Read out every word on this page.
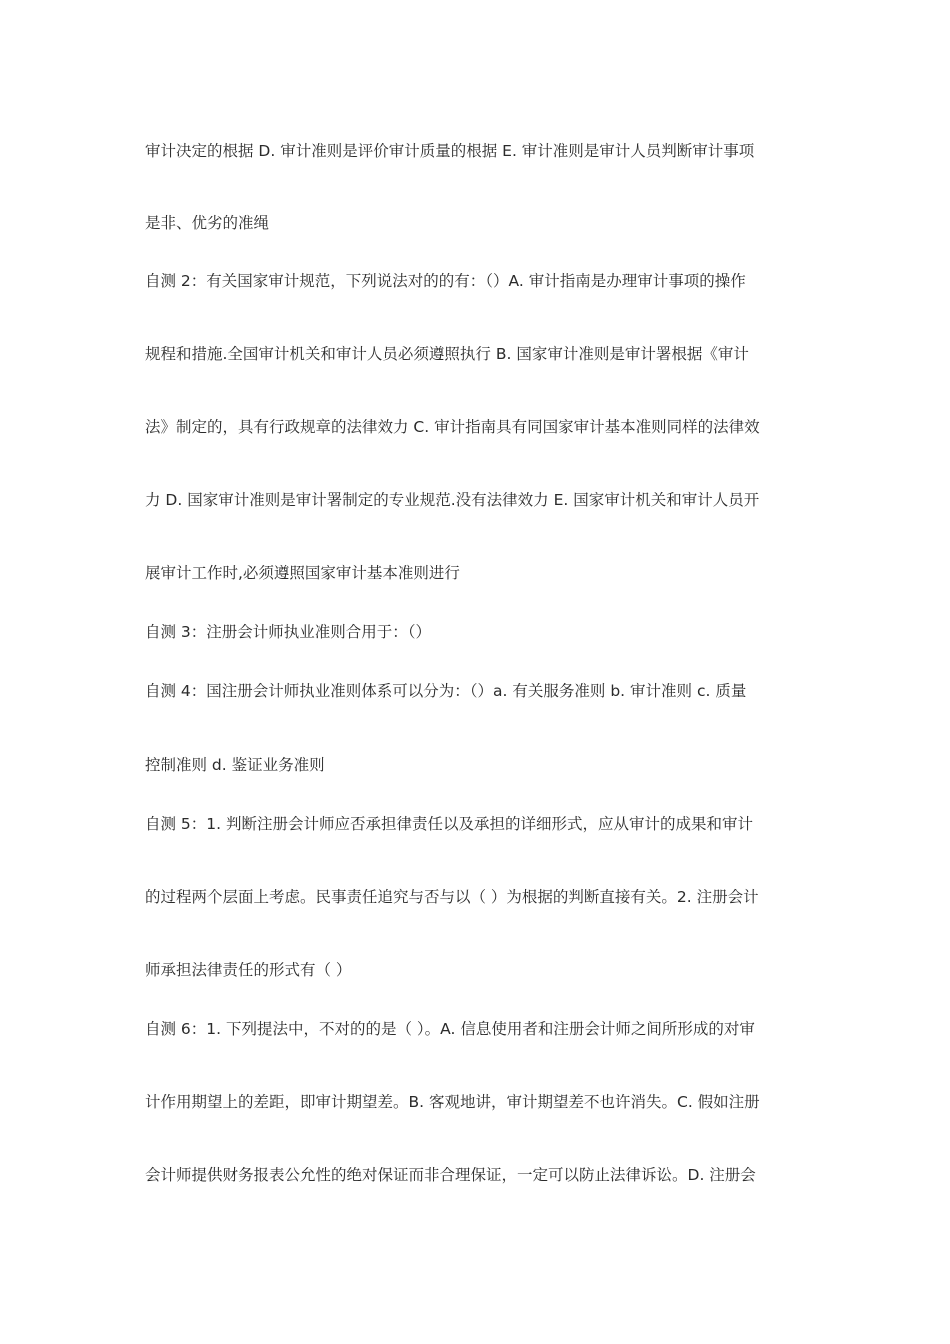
审计决定的根据 D. 审计准则是评价审计质量的根据 E. 审计准则是审计人员判断审计事项
是非、优劣的准绳
自测 2：有关国家审计规范，下列说法对的的有：（）A. 审计指南是办理审计事项的操作
规程和措施.全国审计机关和审计人员必须遵照执行 B. 国家审计准则是审计署根据《审计
法》制定的，具有行政规章的法律效力 C. 审计指南具有同国家审计基本准则同样的法律效
力 D. 国家审计准则是审计署制定的专业规范.没有法律效力 E. 国家审计机关和审计人员开
展审计工作时,必须遵照国家审计基本准则进行
自测 3：注册会计师执业准则合用于：（）
自测 4：国注册会计师执业准则体系可以分为：（）a. 有关服务准则 b. 审计准则 c. 质量
控制准则 d. 鉴证业务准则
自测 5：1. 判断注册会计师应否承担律责任以及承担的详细形式，应从审计的成果和审计
的过程两个层面上考虑。民事责任追究与否与以（ ）为根据的判断直接有关。2. 注册会计
师承担法律责任的形式有（ ）
自测 6：1. 下列提法中，不对的的是（ ）。A. 信息使用者和注册会计师之间所形成的对审
计作用期望上的差距，即审计期望差。B. 客观地讲，审计期望差不也许消失。C. 假如注册
会计师提供财务报表公允性的绝对保证而非合理保证，一定可以防止法律诉讼。D. 注册会
